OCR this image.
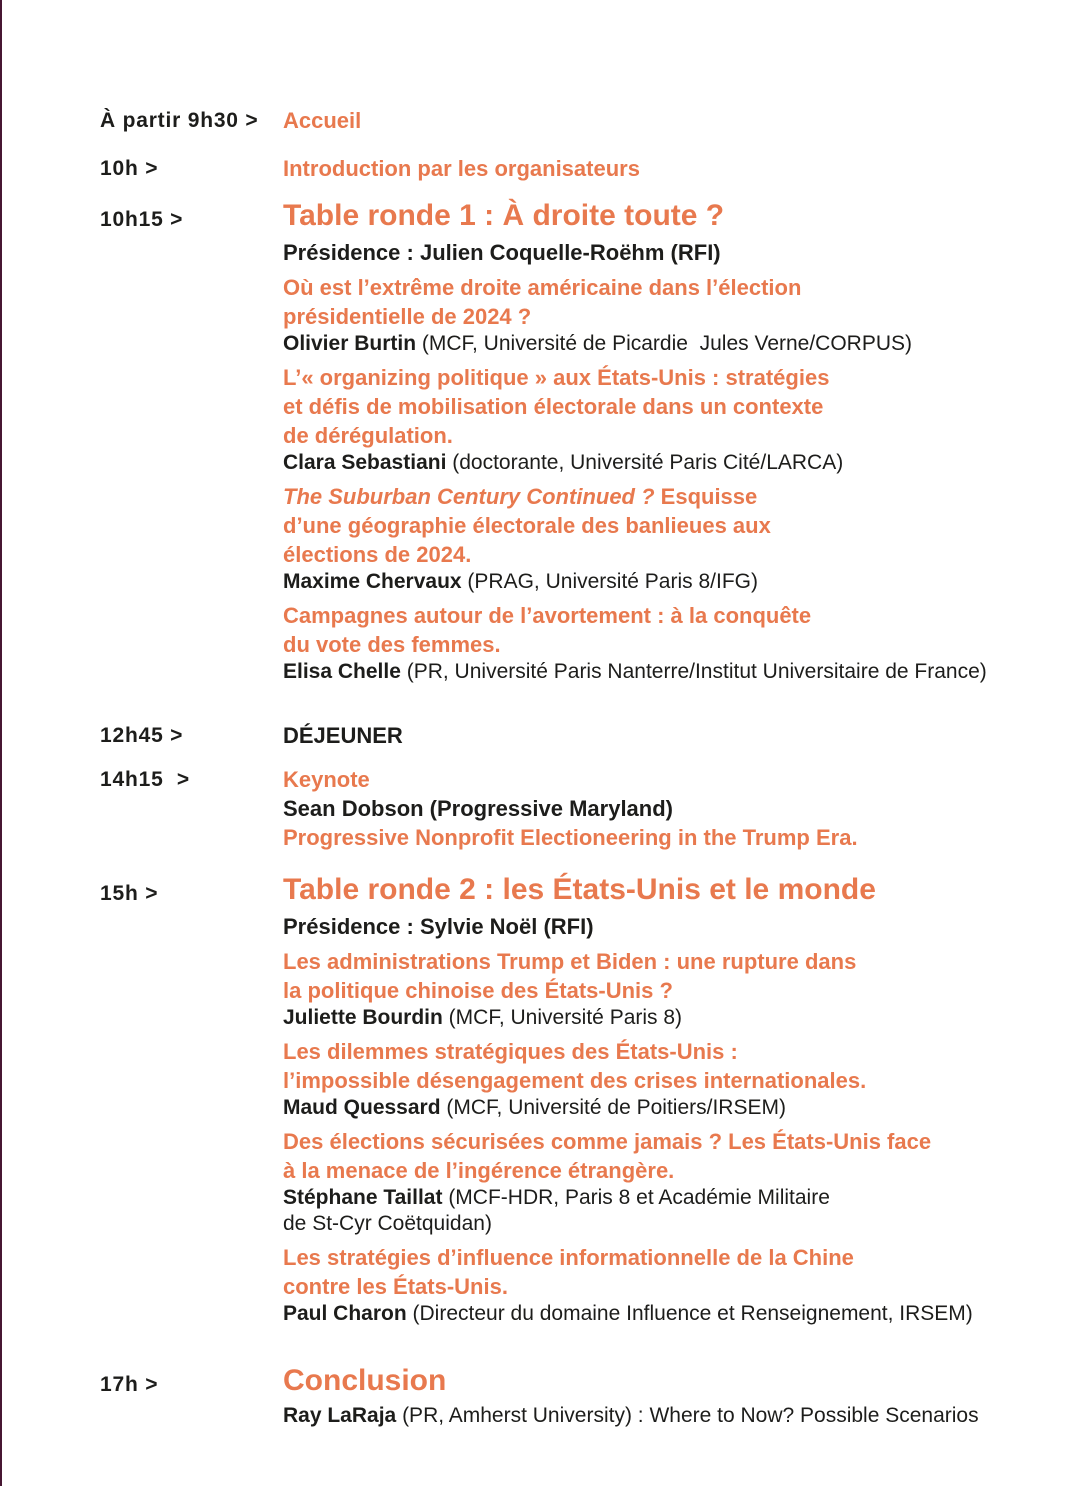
À partir 9h30 >	Accueil
10h >	Introduction par les organisateurs
10h15 >	Table ronde 1 : À droite toute ?
Présidence : Julien Coquelle-Roëhm (RFI)
Où est l’extrême droite américaine dans l’élection
présidentielle de 2024 ?
Olivier Burtin (MCF, Université de Picardie  Jules Verne/CORPUS)
L’« organizing politique » aux États-Unis : stratégies
et défis de mobilisation électorale dans un contexte
de dérégulation.
Clara Sebastiani (doctorante, Université Paris Cité/LARCA)
The Suburban Century Continued ? Esquisse
d’une géographie électorale des banlieues aux
élections de 2024.
Maxime Chervaux (PRAG, Université Paris 8/IFG)
Campagnes autour de l’avortement : à la conquête
du vote des femmes.
Elisa Chelle (PR, Université Paris Nanterre/Institut Universitaire de France)
12h45 >	DÉJEUNER
14h15  >	Keynote
Sean Dobson (Progressive Maryland)
Progressive Nonprofit Electioneering in the Trump Era.
15h >	Table ronde 2 : les États-Unis et le monde
Présidence : Sylvie Noël (RFI)
Les administrations Trump et Biden : une rupture dans
la politique chinoise des États-Unis ?
Juliette Bourdin (MCF, Université Paris 8)
Les dilemmes stratégiques des États-Unis :
l’impossible désengagement des crises internationales.
Maud Quessard (MCF, Université de Poitiers/IRSEM)
Des élections sécurisées comme jamais ? Les États-Unis face
à la menace de l’ingérence étrangère.
Stéphane Taillat (MCF-HDR, Paris 8 et Académie Militaire
de St-Cyr Coëtquidan)
Les stratégies d’influence informationnelle de la Chine
contre les États-Unis.
Paul Charon (Directeur du domaine Influence et Renseignement, IRSEM)
17h >	Conclusion
Ray LaRaja (PR, Amherst University) : Where to Now? Possible Scenarios
